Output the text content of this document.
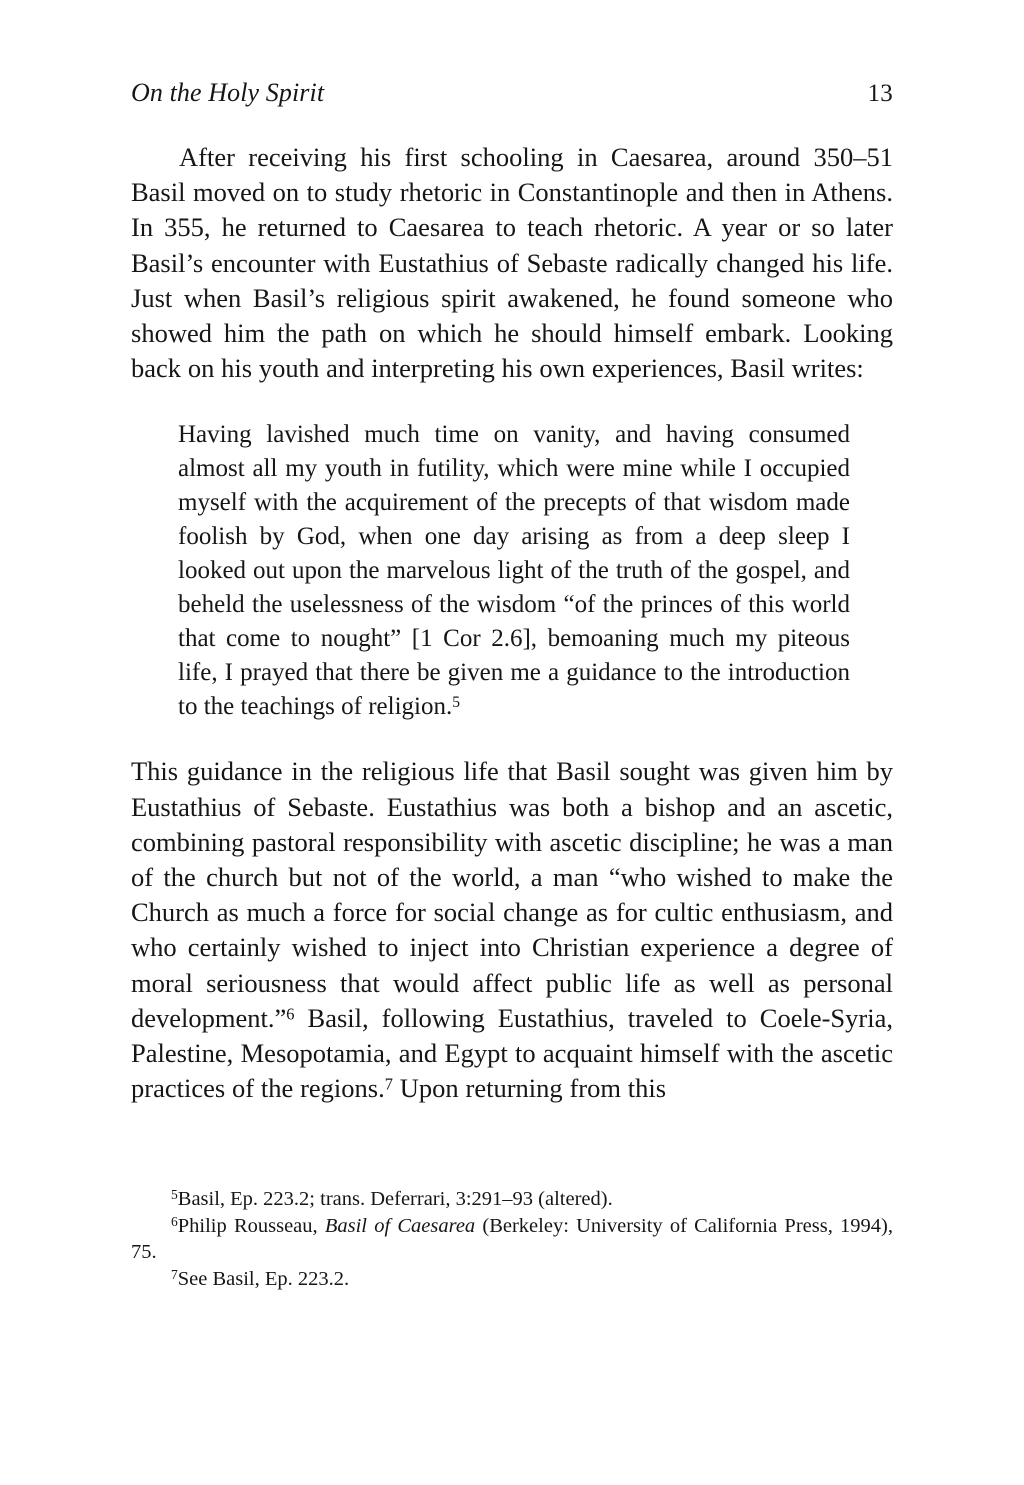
On the Holy Spirit	13

After receiving his first schooling in Caesarea, around 350–51 Basil moved on to study rhetoric in Constantinople and then in Athens. In 355, he returned to Caesarea to teach rhetoric. A year or so later Basil’s encounter with Eustathius of Sebaste radically changed his life. Just when Basil’s religious spirit awakened, he found someone who showed him the path on which he should himself embark. Looking back on his youth and interpreting his own experiences, Basil writes:

Having lavished much time on vanity, and having consumed almost all my youth in futility, which were mine while I occupied myself with the acquirement of the precepts of that wisdom made foolish by God, when one day arising as from a deep sleep I looked out upon the marvelous light of the truth of the gospel, and beheld the uselessness of the wisdom “of the princes of this world that come to nought” [1 Cor 2.6], bemoaning much my piteous life, I prayed that there be given me a guidance to the introduction to the teachings of religion.$^5$

This guidance in the religious life that Basil sought was given him by Eustathius of Sebaste. Eustathius was both a bishop and an ascetic, combining pastoral responsibility with ascetic discipline; he was a man of the church but not of the world, a man “who wished to make the Church as much a force for social change as for cultic enthusiasm, and who certainly wished to inject into Christian experience a degree of moral seriousness that would affect public life as well as personal development.”$^6$ Basil, following Eustathius, traveled to Coele-Syria, Palestine, Mesopotamia, and Egypt to acquaint himself with the ascetic practices of the regions.$^7$ Upon returning from this

$^5$Basil, Ep. 223.2; trans. Deferrari, 3:291–93 (altered).

$^6$Philip Rousseau, Basil of Caesarea (Berkeley: University of California Press, 1994), 75.

$^7$See Basil, Ep. 223.2.
